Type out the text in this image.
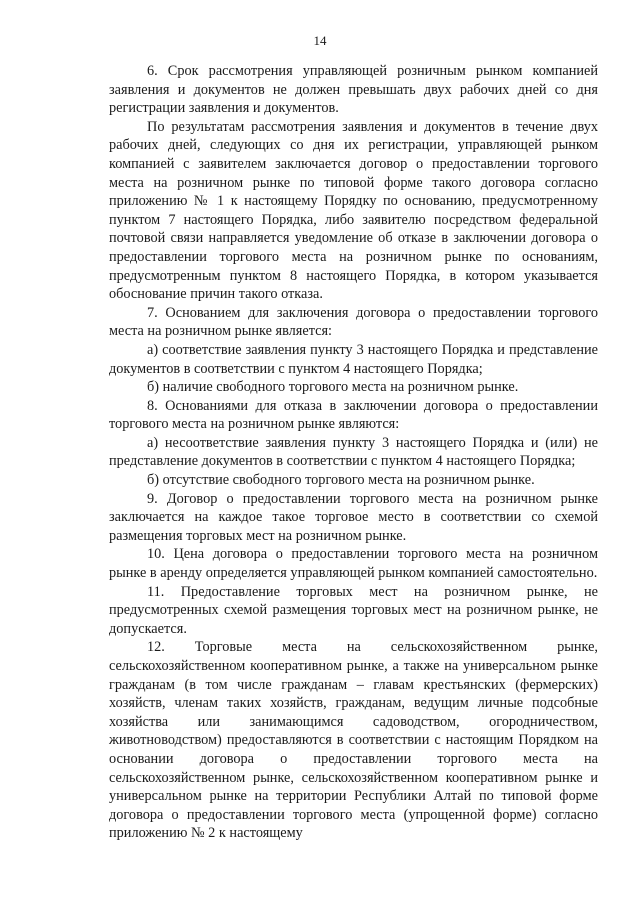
14

6. Срок рассмотрения управляющей розничным рынком компанией заявления и документов не должен превышать двух рабочих дней со дня регистрации заявления и документов.

По результатам рассмотрения заявления и документов в течение двух рабочих дней, следующих со дня их регистрации, управляющей рынком компанией с заявителем заключается договор о предоставлении торгового места на розничном рынке по типовой форме такого договора согласно приложению № 1 к настоящему Порядку по основанию, предусмотренному пунктом 7 настоящего Порядка, либо заявителю посредством федеральной почтовой связи направляется уведомление об отказе в заключении договора о предоставлении торгового места на розничном рынке по основаниям, предусмотренным пунктом 8 настоящего Порядка, в котором указывается обоснование причин такого отказа.

7. Основанием для заключения договора о предоставлении торгового места на розничном рынке является:

а) соответствие заявления пункту 3 настоящего Порядка и представление документов в соответствии с пунктом 4 настоящего Порядка;

б) наличие свободного торгового места на розничном рынке.

8. Основаниями для отказа в заключении договора о предоставлении торгового места на розничном рынке являются:

а) несоответствие заявления пункту 3 настоящего Порядка и (или) не представление документов в соответствии с пунктом 4 настоящего Порядка;

б) отсутствие свободного торгового места на розничном рынке.

9. Договор о предоставлении торгового места на розничном рынке заключается на каждое такое торговое место в соответствии со схемой размещения торговых мест на розничном рынке.

10. Цена договора о предоставлении торгового места на розничном рынке в аренду определяется управляющей рынком компанией самостоятельно.

11. Предоставление торговых мест на розничном рынке, не предусмотренных схемой размещения торговых мест на розничном рынке, не допускается.

12. Торговые места на сельскохозяйственном рынке, сельскохозяйственном кооперативном рынке, а также на универсальном рынке гражданам (в том числе гражданам – главам крестьянских (фермерских) хозяйств, членам таких хозяйств, гражданам, ведущим личные подсобные хозяйства или занимающимся садоводством, огородничеством, животноводством) предоставляются в соответствии с настоящим Порядком на основании договора о предоставлении торгового места на сельскохозяйственном рынке, сельскохозяйственном кооперативном рынке и универсальном рынке на территории Республики Алтай по типовой форме договора о предоставлении торгового места (упрощенной форме) согласно приложению № 2 к настоящему
